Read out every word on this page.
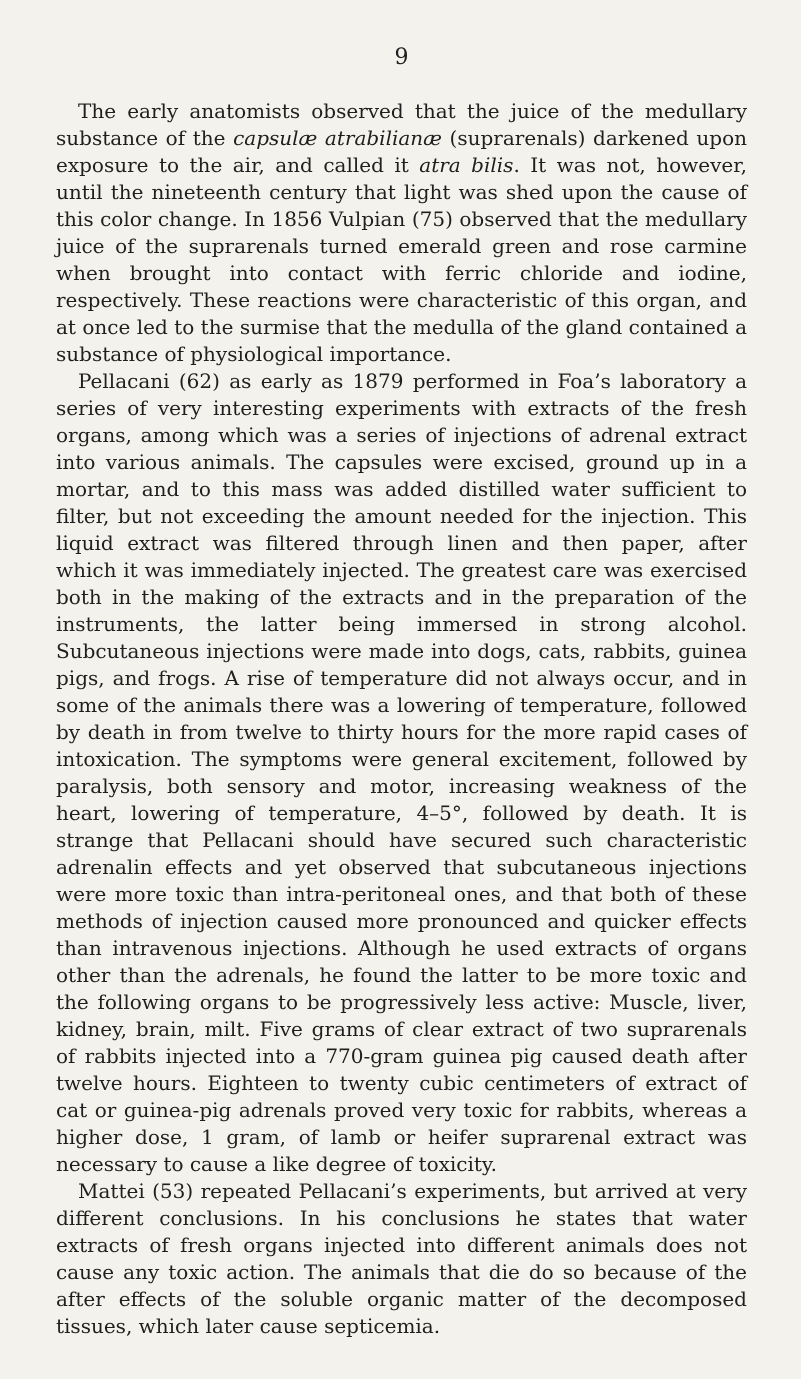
9

The early anatomists observed that the juice of the medullary substance of the capsulæ atrabilianæ (suprarenals) darkened upon exposure to the air, and called it atra bilis. It was not, however, until the nineteenth century that light was shed upon the cause of this color change. In 1856 Vulpian (75) observed that the medullary juice of the suprarenals turned emerald green and rose carmine when brought into contact with ferric chloride and iodine, respectively. These reactions were characteristic of this organ, and at once led to the surmise that the medulla of the gland contained a substance of physiological importance.

Pellacani (62) as early as 1879 performed in Foa’s laboratory a series of very interesting experiments with extracts of the fresh organs, among which was a series of injections of adrenal extract into various animals. The capsules were excised, ground up in a mortar, and to this mass was added distilled water sufficient to filter, but not exceeding the amount needed for the injection. This liquid extract was filtered through linen and then paper, after which it was immediately injected. The greatest care was exercised both in the making of the extracts and in the preparation of the instruments, the latter being immersed in strong alcohol. Subcutaneous injections were made into dogs, cats, rabbits, guinea pigs, and frogs. A rise of temperature did not always occur, and in some of the animals there was a lowering of temperature, followed by death in from twelve to thirty hours for the more rapid cases of intoxication. The symptoms were general excitement, followed by paralysis, both sensory and motor, increasing weakness of the heart, lowering of temperature, 4–5°, followed by death. It is strange that Pellacani should have secured such characteristic adrenalin effects and yet observed that subcutaneous injections were more toxic than intra-peritoneal ones, and that both of these methods of injection caused more pronounced and quicker effects than intravenous injections. Although he used extracts of organs other than the adrenals, he found the latter to be more toxic and the following organs to be progressively less active: Muscle, liver, kidney, brain, milt. Five grams of clear extract of two suprarenals of rabbits injected into a 770-gram guinea pig caused death after twelve hours. Eighteen to twenty cubic centimeters of extract of cat or guinea-pig adrenals proved very toxic for rabbits, whereas a higher dose, 1 gram, of lamb or heifer suprarenal extract was necessary to cause a like degree of toxicity.

Mattei (53) repeated Pellacani’s experiments, but arrived at very different conclusions. In his conclusions he states that water extracts of fresh organs injected into different animals does not cause any toxic action. The animals that die do so because of the after effects of the soluble organic matter of the decomposed tissues, which later cause septicemia.
